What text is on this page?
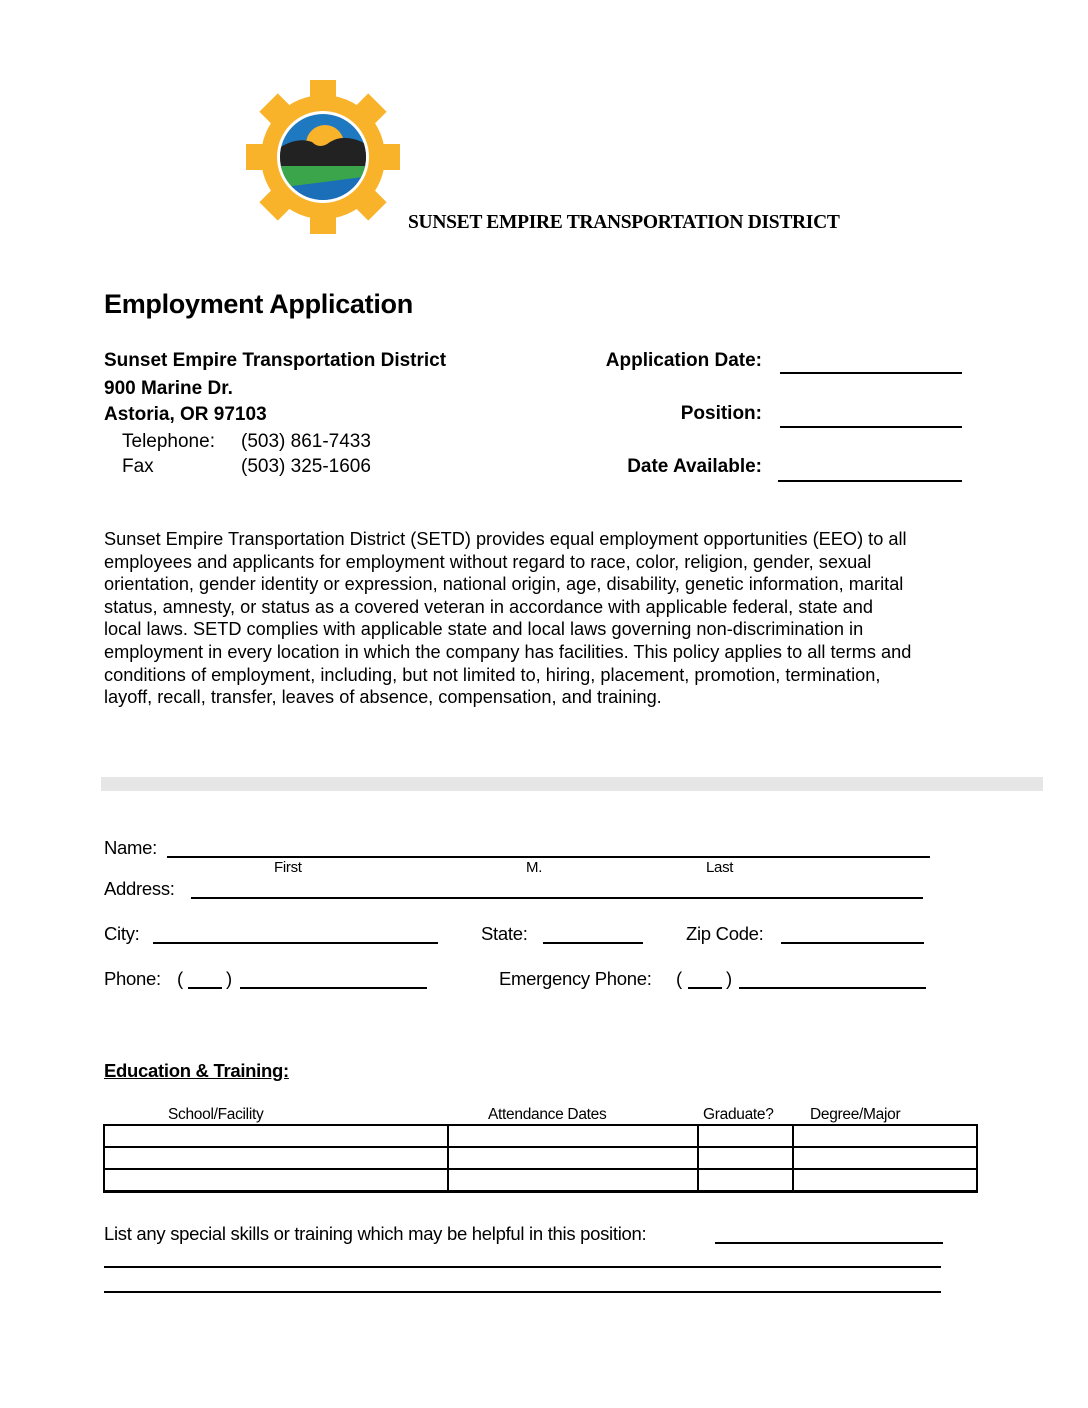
SUNSET EMPIRE TRANSPORTATION DISTRICT
Employment Application
Sunset Empire Transportation District
900 Marine Dr.
Astoria, OR 97103
Telephone: (503) 861-7433
Fax	(503) 325-1606
Application Date:
Position:
Date Available:
Sunset Empire Transportation District (SETD) provides equal employment opportunities (EEO) to all
employees and applicants for employment without regard to race, color, religion, gender, sexual
orientation, gender identity or expression, national origin, age, disability, genetic information, marital
status, amnesty, or status as a covered veteran in accordance with applicable federal, state and
local laws. SETD complies with applicable state and local laws governing non-discrimination in
employment in every location in which the company has facilities. This policy applies to all terms and
conditions of employment, including, but not limited to, hiring, placement, promotion, termination,
layoff, recall, transfer, leaves of absence, compensation, and training.
Name:
First	M.	Last
Address:
City:	State:	Zip Code:
Phone: ( )	Emergency Phone: ( )
Education & Training:
School/Facility	Attendance Dates	Graduate? Degree/Major

List any special skills or training which may be helpful in this position:
